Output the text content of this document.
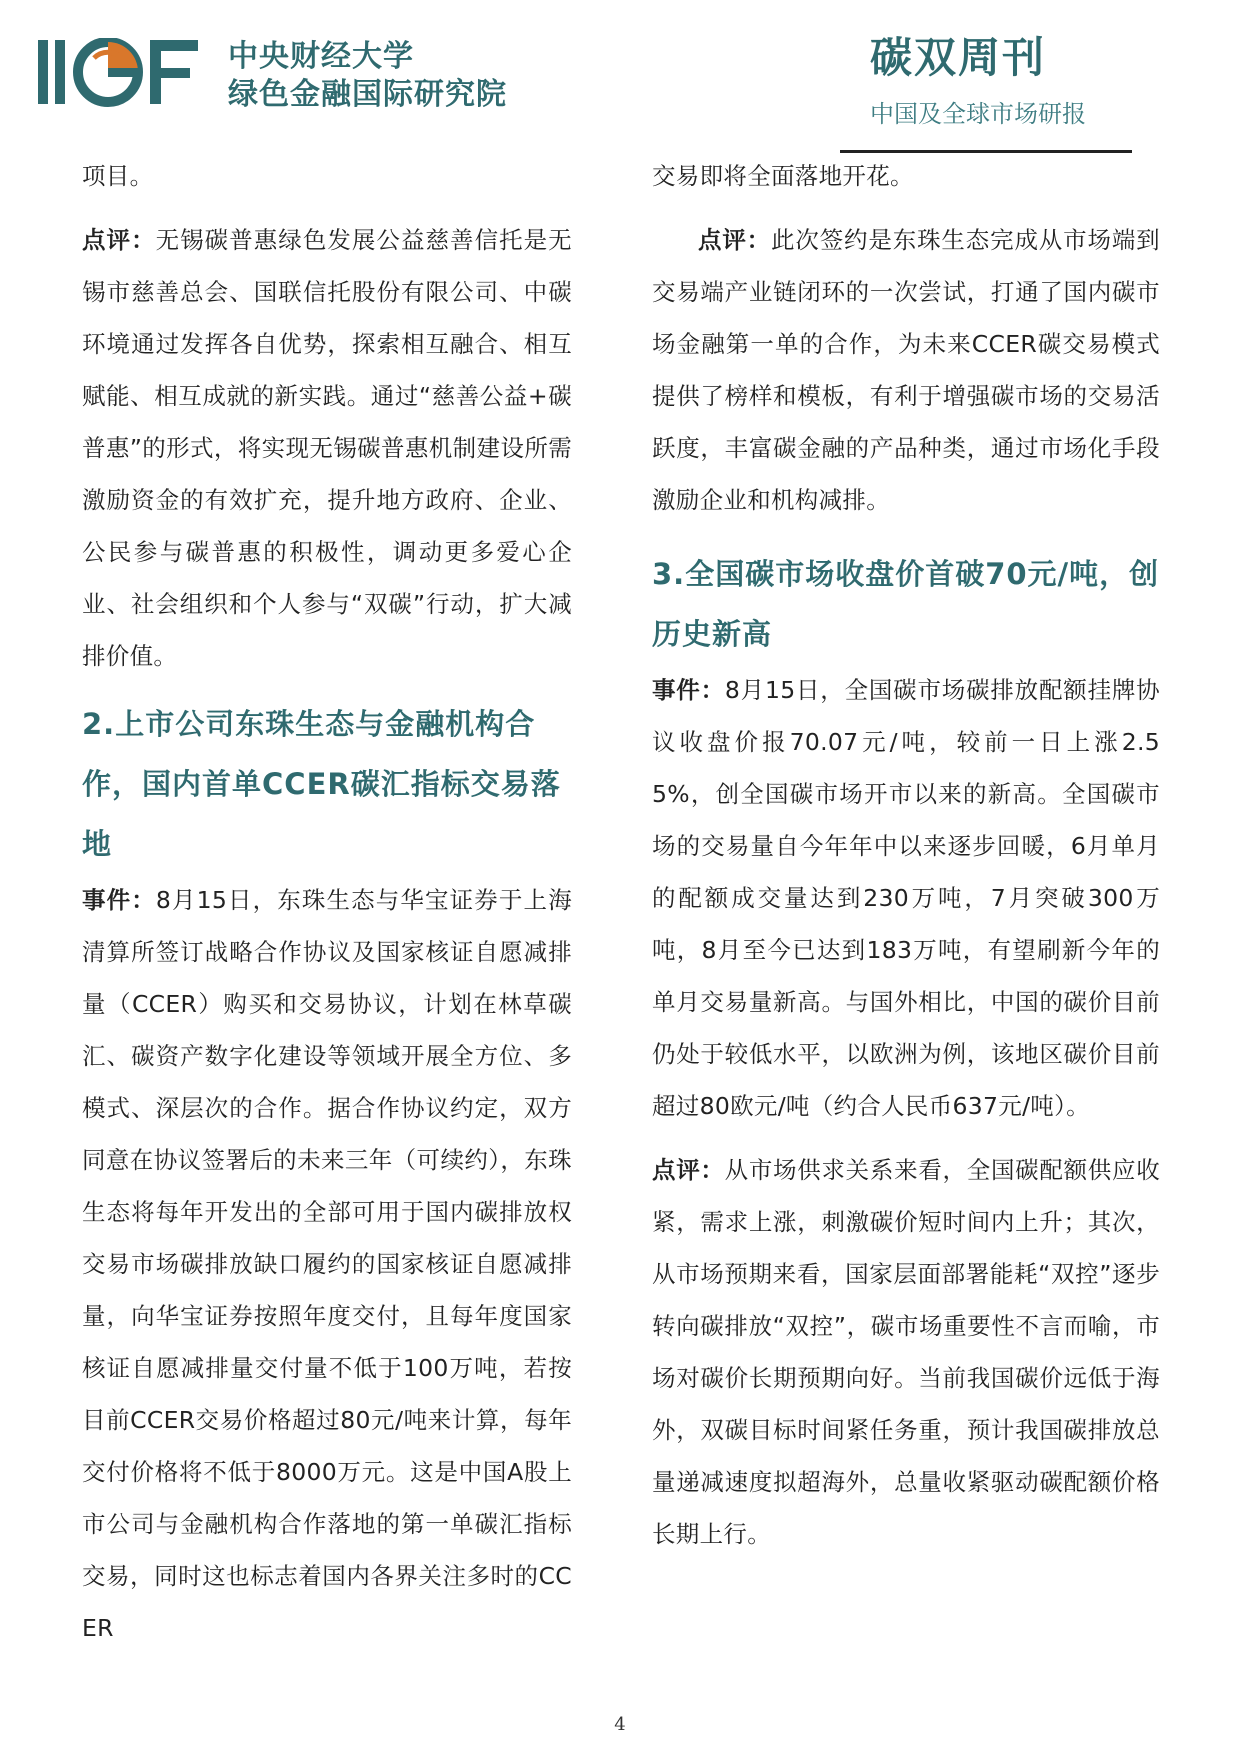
中央财经大学
绿色金融国际研究院
碳双周刊
中国及全球市场研报

项目。

点评：无锡碳普惠绿色发展公益慈善信托是无锡市慈善总会、国联信托股份有限公司、中碳环境通过发挥各自优势，探索相互融合、相互赋能、相互成就的新实践。通过“慈善公益+碳普惠”的形式，将实现无锡碳普惠机制建设所需激励资金的有效扩充，提升地方政府、企业、公民参与碳普惠的积极性，调动更多爱心企业、社会组织和个人参与“双碳”行动，扩大减排价值。

2.上市公司东珠生态与金融机构合作，国内首单CCER碳汇指标交易落地

事件：8月15日，东珠生态与华宝证券于上海清算所签订战略合作协议及国家核证自愿减排量（CCER）购买和交易协议，计划在林草碳汇、碳资产数字化建设等领域开展全方位、多模式、深层次的合作。据合作协议约定，双方同意在协议签署后的未来三年（可续约），东珠生态将每年开发出的全部可用于国内碳排放权交易市场碳排放缺口履约的国家核证自愿减排量，向华宝证券按照年度交付，且每年度国家核证自愿减排量交付量不低于100万吨，若按目前CCER交易价格超过80元/吨来计算，每年交付价格将不低于8000万元。这是中国A股上市公司与金融机构合作落地的第一单碳汇指标交易，同时这也标志着国内各界关注多时的CCER

交易即将全面落地开花。

点评：此次签约是东珠生态完成从市场端到交易端产业链闭环的一次尝试，打通了国内碳市场金融第一单的合作，为未来CCER碳交易模式提供了榜样和模板，有利于增强碳市场的交易活跃度，丰富碳金融的产品种类，通过市场化手段激励企业和机构减排。

3.全国碳市场收盘价首破70元/吨，创历史新高

事件：8月15日，全国碳市场碳排放配额挂牌协议收盘价报70.07元/吨，较前一日上涨2.55%，创全国碳市场开市以来的新高。全国碳市场的交易量自今年年中以来逐步回暖，6月单月的配额成交量达到230万吨，7月突破300万吨，8月至今已达到183万吨，有望刷新今年的单月交易量新高。与国外相比，中国的碳价目前仍处于较低水平，以欧洲为例，该地区碳价目前超过80欧元/吨（约合人民币637元/吨）。

点评：从市场供求关系来看，全国碳配额供应收紧，需求上涨，刺激碳价短时间内上升；其次，从市场预期来看，国家层面部署能耗“双控”逐步转向碳排放“双控”，碳市场重要性不言而喻，市场对碳价长期预期向好。当前我国碳价远低于海外，双碳目标时间紧任务重，预计我国碳排放总量递减速度拟超海外，总量收紧驱动碳配额价格长期上行。

4
